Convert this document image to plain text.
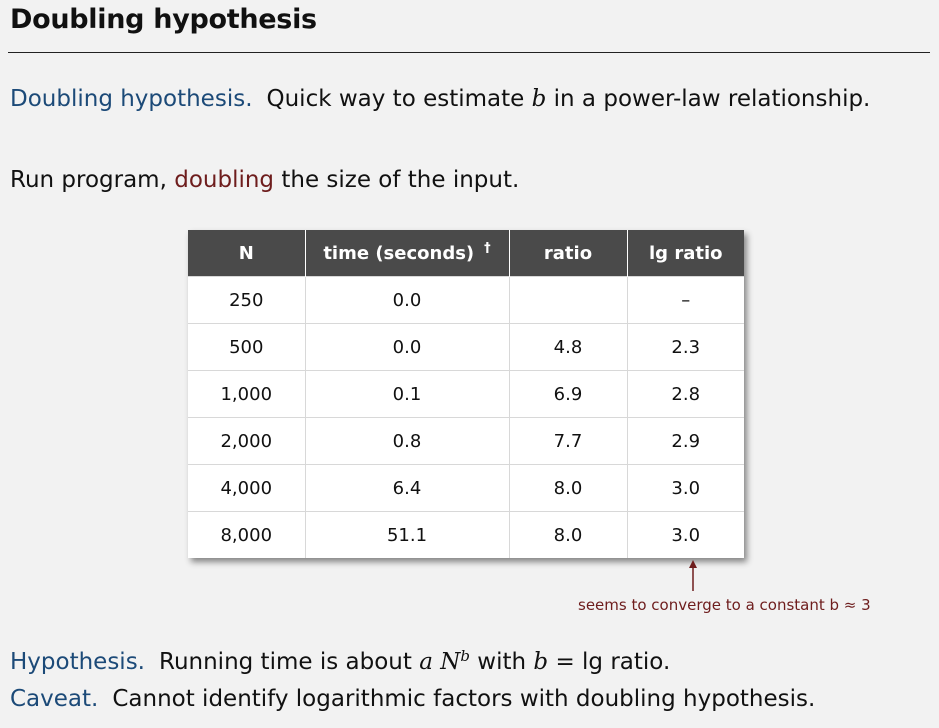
Doubling hypothesis
Doubling hypothesis. Quick way to estimate b in a power-law relationship.
Run program, doubling the size of the input.
N	time (seconds) †	ratio	lg ratio
250	0.0		–
500	0.0	4.8	2.3
1,000	0.1	6.9	2.8
2,000	0.8	7.7	2.9
4,000	6.4	8.0	3.0
8,000	51.1	8.0	3.0
seems to converge to a constant b ≈ 3
Hypothesis. Running time is about a $N^b$ with b = lg ratio.
Caveat. Cannot identify logarithmic factors with doubling hypothesis.
